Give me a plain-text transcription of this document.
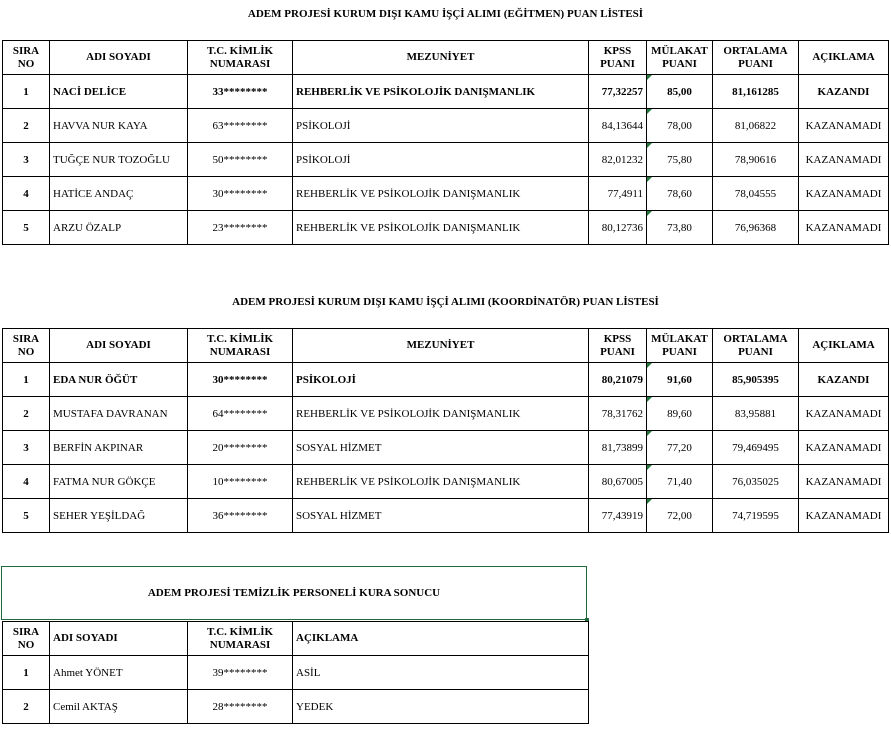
ADEM PROJESİ KURUM DIŞI KAMU İŞÇİ ALIMI (EĞİTMEN) PUAN LİSTESİ
SIRA NO	ADI SOYADI	T.C. KİMLİK NUMARASI	MEZUNİYET	KPSS PUANI	MÜLAKAT PUANI	ORTALAMA PUANI	AÇIKLAMA
1	NACİ DELİCE	33********	REHBERLİK VE PSİKOLOJİK DANIŞMANLIK	77,32257	85,00	81,161285	KAZANDI
2	HAVVA NUR KAYA	63********	PSİKOLOJİ	84,13644	78,00	81,06822	KAZANAMADI
3	TUĞÇE NUR TOZOĞLU	50********	PSİKOLOJİ	82,01232	75,80	78,90616	KAZANAMADI
4	HATİCE ANDAÇ	30********	REHBERLİK VE PSİKOLOJİK DANIŞMANLIK	77,4911	78,60	78,04555	KAZANAMADI
5	ARZU ÖZALP	23********	REHBERLİK VE PSİKOLOJİK DANIŞMANLIK	80,12736	73,80	76,96368	KAZANAMADI
ADEM PROJESİ KURUM DIŞI KAMU İŞÇİ ALIMI (KOORDİNATÖR) PUAN LİSTESİ
SIRA NO	ADI SOYADI	T.C. KİMLİK NUMARASI	MEZUNİYET	KPSS PUANI	MÜLAKAT PUANI	ORTALAMA PUANI	AÇIKLAMA
1	EDA NUR ÖĞÜT	30********	PSİKOLOJİ	80,21079	91,60	85,905395	KAZANDI
2	MUSTAFA DAVRANAN	64********	REHBERLİK VE PSİKOLOJİK DANIŞMANLIK	78,31762	89,60	83,95881	KAZANAMADI
3	BERFİN AKPINAR	20********	SOSYAL HİZMET	81,73899	77,20	79,469495	KAZANAMADI
4	FATMA NUR GÖKÇE	10********	REHBERLİK VE PSİKOLOJİK DANIŞMANLIK	80,67005	71,40	76,035025	KAZANAMADI
5	SEHER YEŞİLDAĞ	36********	SOSYAL HİZMET	77,43919	72,00	74,719595	KAZANAMADI
ADEM PROJESİ TEMİZLİK PERSONELİ KURA SONUCU
SIRA NO	ADI SOYADI	T.C. KİMLİK NUMARASI	AÇIKLAMA
1	Ahmet YÖNET	39********	ASİL
2	Cemil AKTAŞ	28********	YEDEK
